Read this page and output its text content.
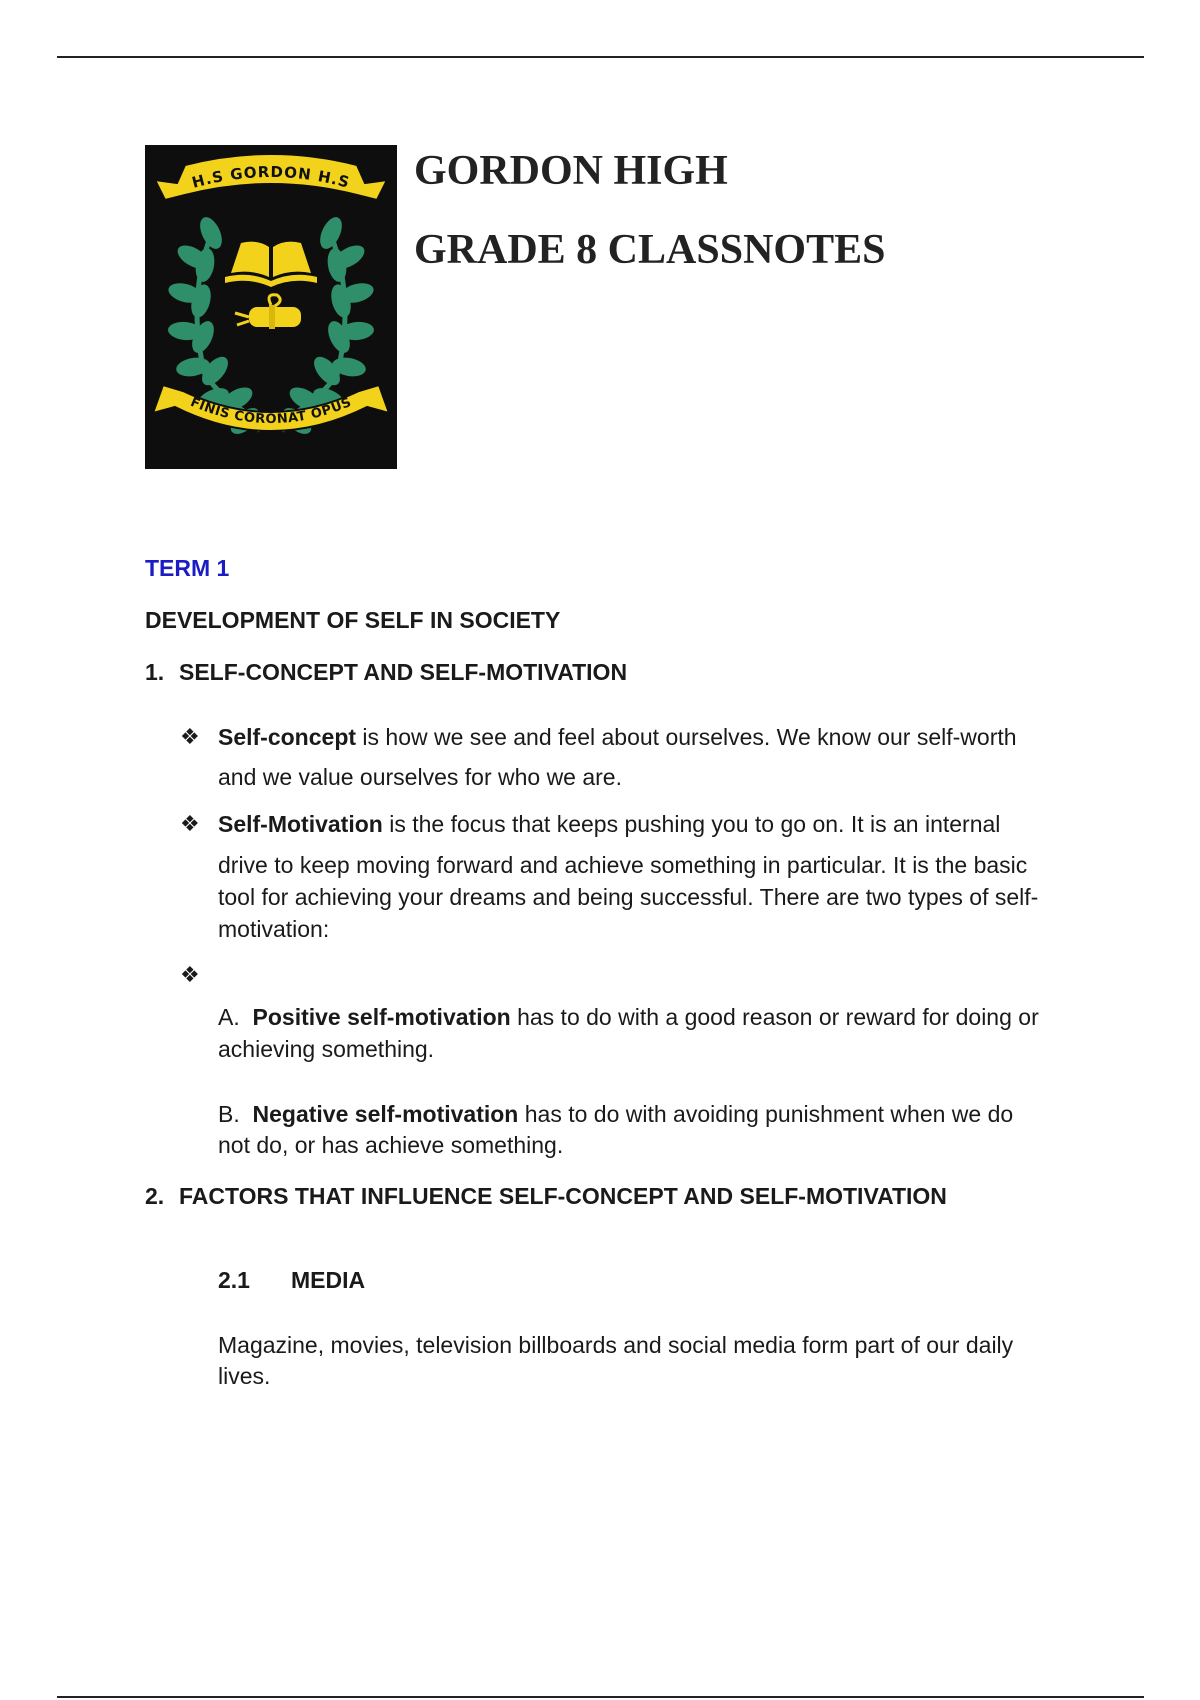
H.S GORDON H.S
FINIS CORONAT OPUS
GORDON HIGH
GRADE 8 CLASSNOTES
TERM 1
DEVELOPMENT OF SELF IN SOCIETY
1. SELF-CONCEPT AND SELF-MOTIVATION
❖ Self-concept is how we see and feel about ourselves. We know our self-worth
and we value ourselves for who we are.
❖ Self-Motivation is the focus that keeps pushing you to go on. It is an internal
drive to keep moving forward and achieve something in particular. It is the basic
tool for achieving your dreams and being successful. There are two types of self-
motivation:
❖
A. Positive self-motivation has to do with a good reason or reward for doing or
achieving something.
B. Negative self-motivation has to do with avoiding punishment when we do
not do, or has achieve something.
2. FACTORS THAT INFLUENCE SELF-CONCEPT AND SELF-MOTIVATION
2.1 MEDIA
Magazine, movies, television billboards and social media form part of our daily
lives.
